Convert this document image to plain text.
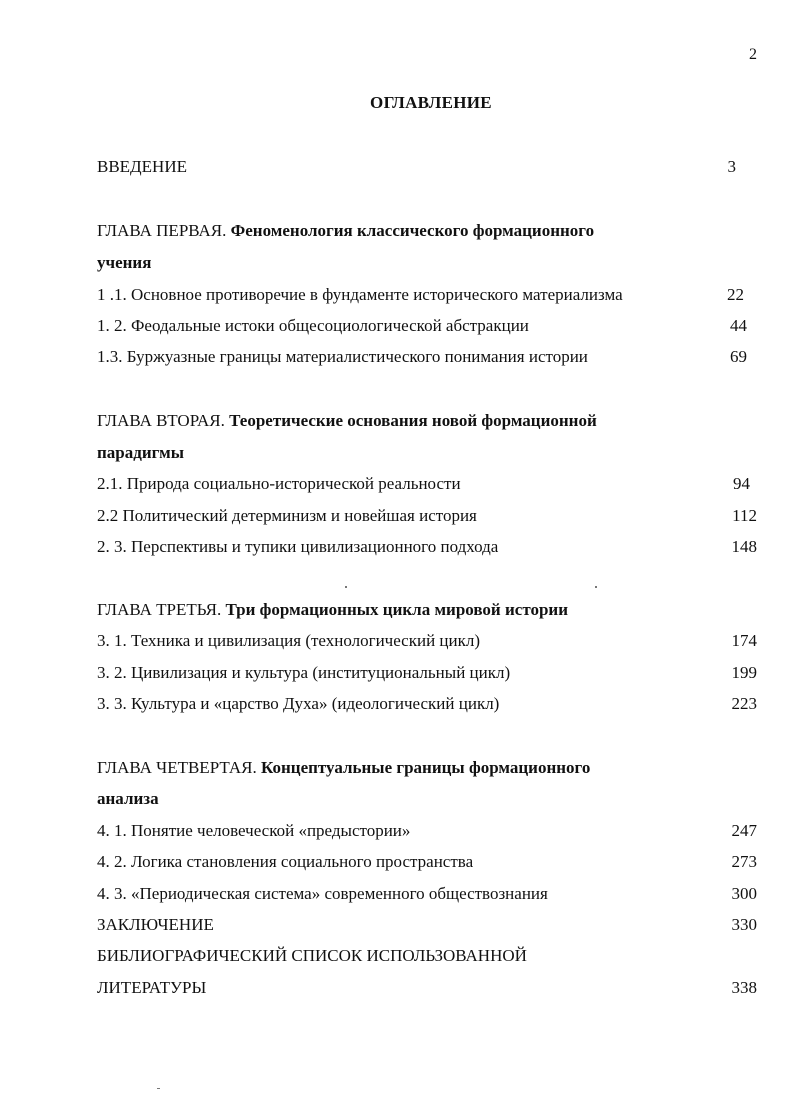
2
ОГЛАВЛЕНИЕ
ВВЕДЕНИЕ	3
ГЛАВА ПЕРВАЯ. Феноменология классического формационного
учения
1 .1. Основное противоречие в фундаменте исторического материализма	22
1. 2. Феодальные истоки общесоциологической абстракции	44
1.3. Буржуазные границы материалистического понимания истории	69
ГЛАВА ВТОРАЯ. Теоретические основания новой формационной
парадигмы
2.1. Природа социально-исторической реальности	94
2.2 Политический детерминизм и новейшая история	112
2. 3. Перспективы и тупики цивилизационного подхода	148
ГЛАВА ТРЕТЬЯ. Три формационных цикла мировой истории
3. 1. Техника и цивилизация (технологический цикл)	174
3. 2. Цивилизация и культура (институциональный цикл)	199
3. 3. Культура и «царство Духа» (идеологический цикл)	223
ГЛАВА ЧЕТВЕРТАЯ. Концептуальные границы формационного
анализа
4. 1. Понятие человеческой «предыстории»	247
4. 2. Логика становления социального пространства	273
4. 3. «Периодическая система» современного обществознания	300
ЗАКЛЮЧЕНИЕ	330
БИБЛИОГРАФИЧЕСКИЙ СПИСОК ИСПОЛЬЗОВАННОЙ
ЛИТЕРАТУРЫ	338
